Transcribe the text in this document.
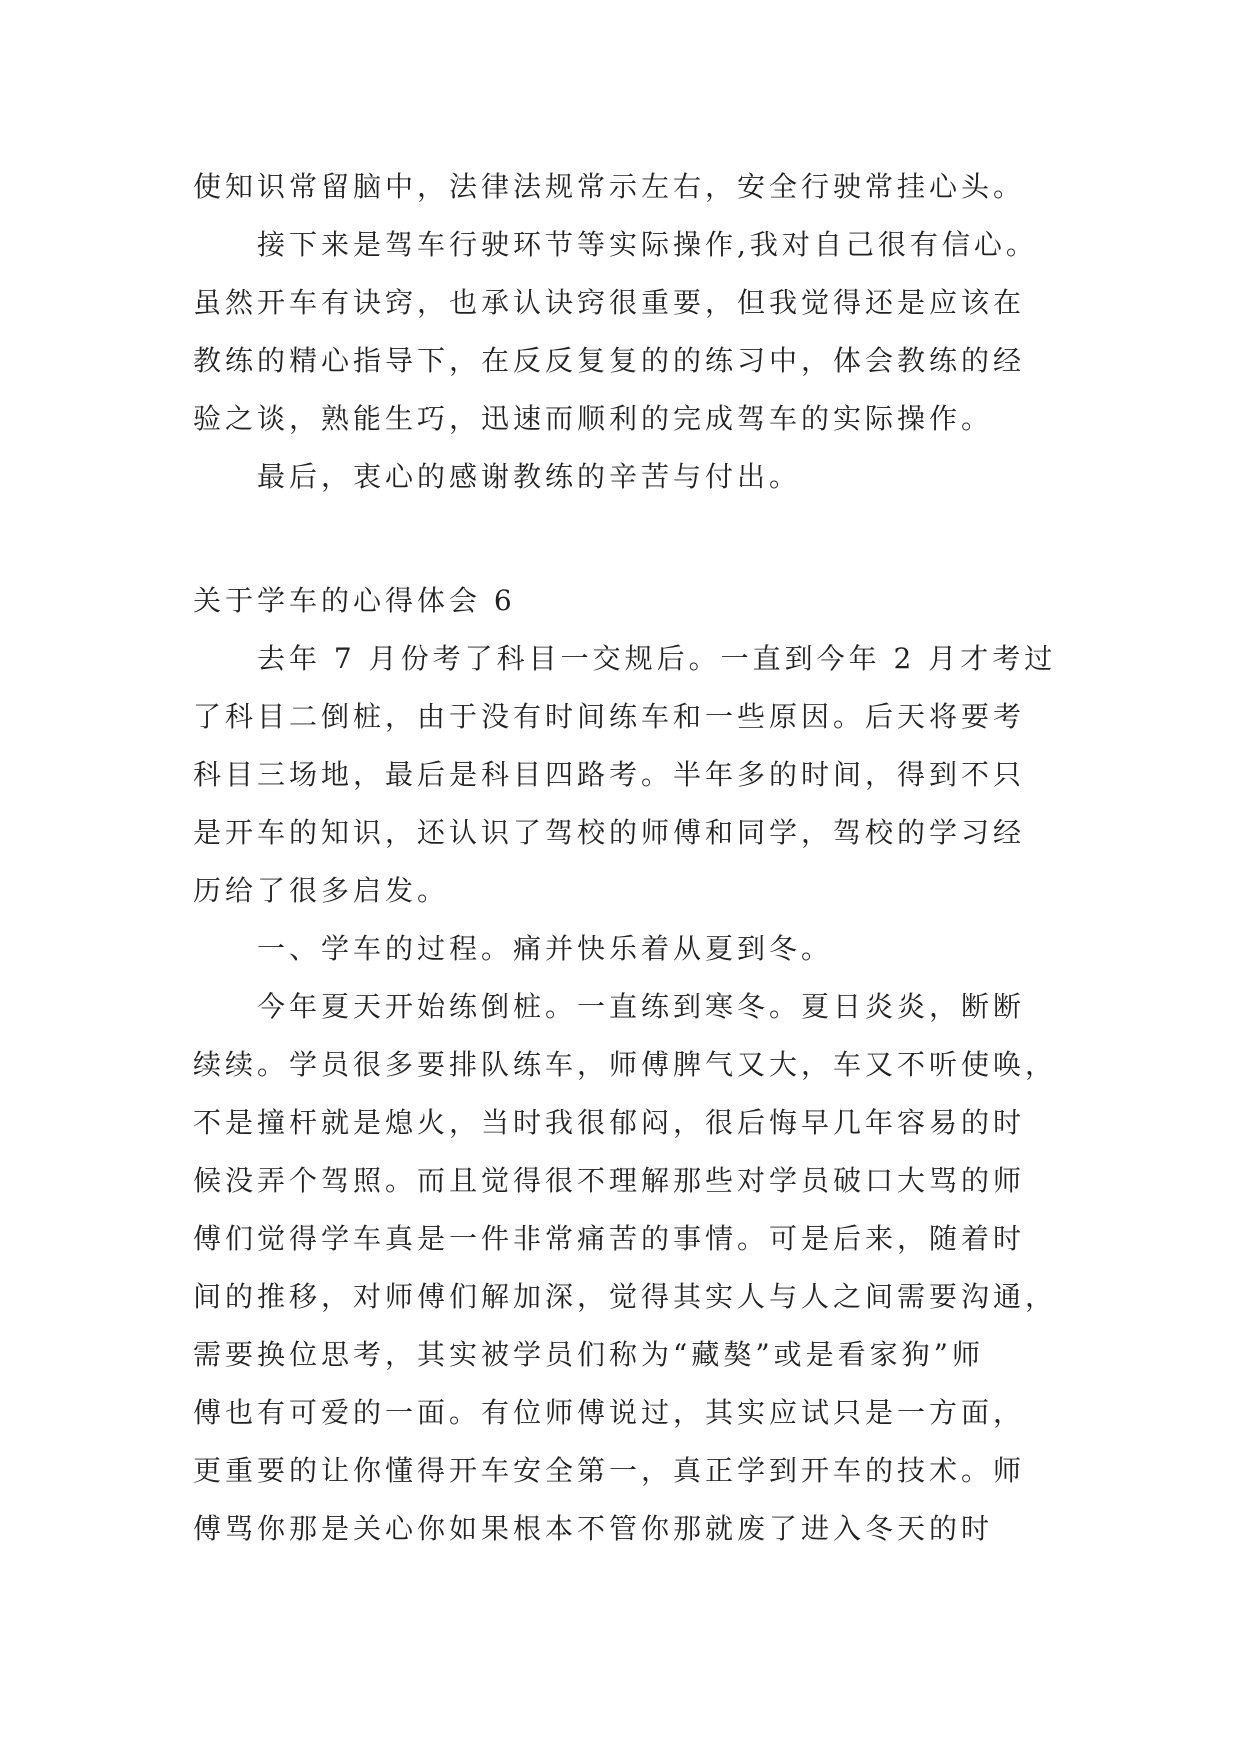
使知识常留脑中，法律法规常示左右，安全行驶常挂心头。
　　接下来是驾车行驶环节等实际操作,我对自己很有信心。
虽然开车有诀窍，也承认诀窍很重要，但我觉得还是应该在
教练的精心指导下，在反反复复的的练习中，体会教练的经
验之谈，熟能生巧，迅速而顺利的完成驾车的实际操作。
　　最后，衷心的感谢教练的辛苦与付出。
关于学车的心得体会 6
　　去年 7 月份考了科目一交规后。一直到今年 2 月才考过
了科目二倒桩，由于没有时间练车和一些原因。后天将要考
科目三场地，最后是科目四路考。半年多的时间，得到不只
是开车的知识，还认识了驾校的师傅和同学，驾校的学习经
历给了很多启发。
　　一、学车的过程。痛并快乐着从夏到冬。
　　今年夏天开始练倒桩。一直练到寒冬。夏日炎炎，断断
续续。学员很多要排队练车，师傅脾气又大，车又不听使唤，
不是撞杆就是熄火，当时我很郁闷，很后悔早几年容易的时
候没弄个驾照。而且觉得很不理解那些对学员破口大骂的师
傅们觉得学车真是一件非常痛苦的事情。可是后来，随着时
间的推移，对师傅们解加深，觉得其实人与人之间需要沟通，
需要换位思考，其实被学员们称为“藏獒”或是看家狗”师
傅也有可爱的一面。有位师傅说过，其实应试只是一方面，
更重要的让你懂得开车安全第一，真正学到开车的技术。师
傅骂你那是关心你如果根本不管你那就废了进入冬天的时
